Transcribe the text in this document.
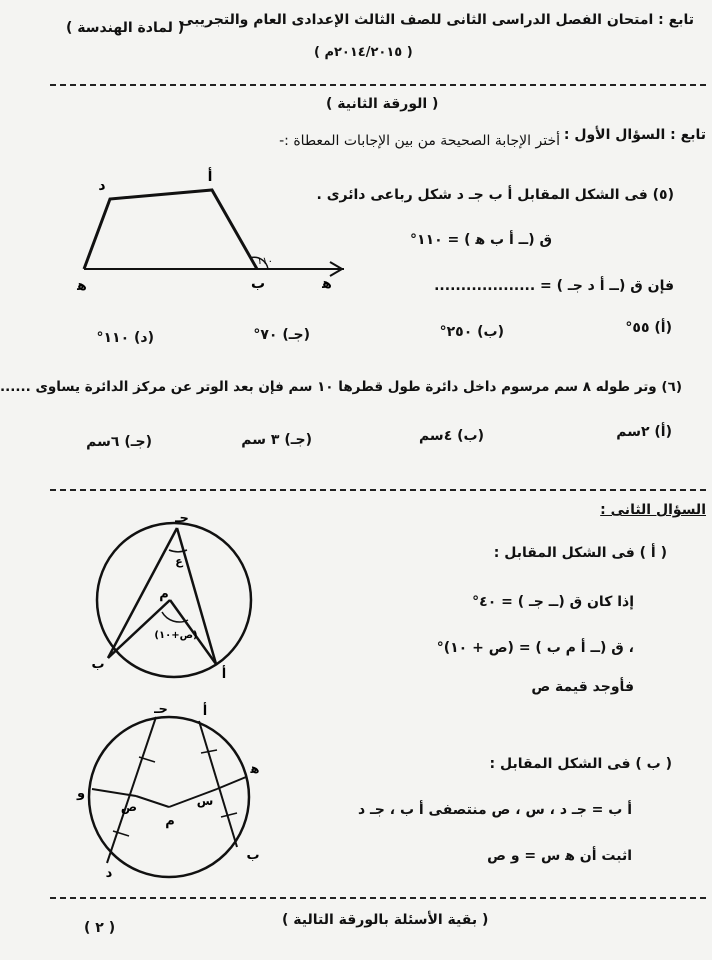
تابع : امتحان الفصل الدراسى الثانى للصف الثالث الإعدادى العام والتجريبى
( لمادة الهندسة )
( ٢٠١٤/٢٠١٥م )
( الورقة الثانية )
تابع : السؤال الأول :
أختر الإجابة الصحيحة من بين الإجابات المعطاة :-
(٥) فى الشكل المقابل أ ب جـ د شكل رباعى دائرى .
ق (ــ أ ب ﻫ ) = ١١٠°
فإن ق (ــ أ د جـ ) = ...................
(أ) ٥٥°
(ب) ٢٥٠°
(جـ) ٧٠°
(د) ١١٠°
(٦) وتر طوله ٨ سم مرسوم داخل دائرة طول قطرها ١٠ سم فإن بعد الوتر عن مركز الدائرة يساوى ......
(أ) ٢سم
(ب) ٤سم
(جـ) ٣ سم
(جـ) ٦سم
د
أ
ﻫ	ب	ﻫ
١١٠
السؤال الثانى :
( أ ) فى الشكل المقابل :
إذا كان ق (ــ جـ ) = ٤٠°
، ق (ــ أ م ب ) = (ص + ١٠)°
فأوجد قيمة ص
( ب ) فى الشكل المقابل :
أ ب = جـ د ، س ، ص منتصفى أ ب ، جـ د
اثبت أن ﻫ س = و ص
حـ
ع
م
(ص+١٠)
ب
أ
حـ	أ
ﻫ
و
ص
م
س
د
ب
( بقية الأسئلة بالورقة التالية )
( ٢ )
